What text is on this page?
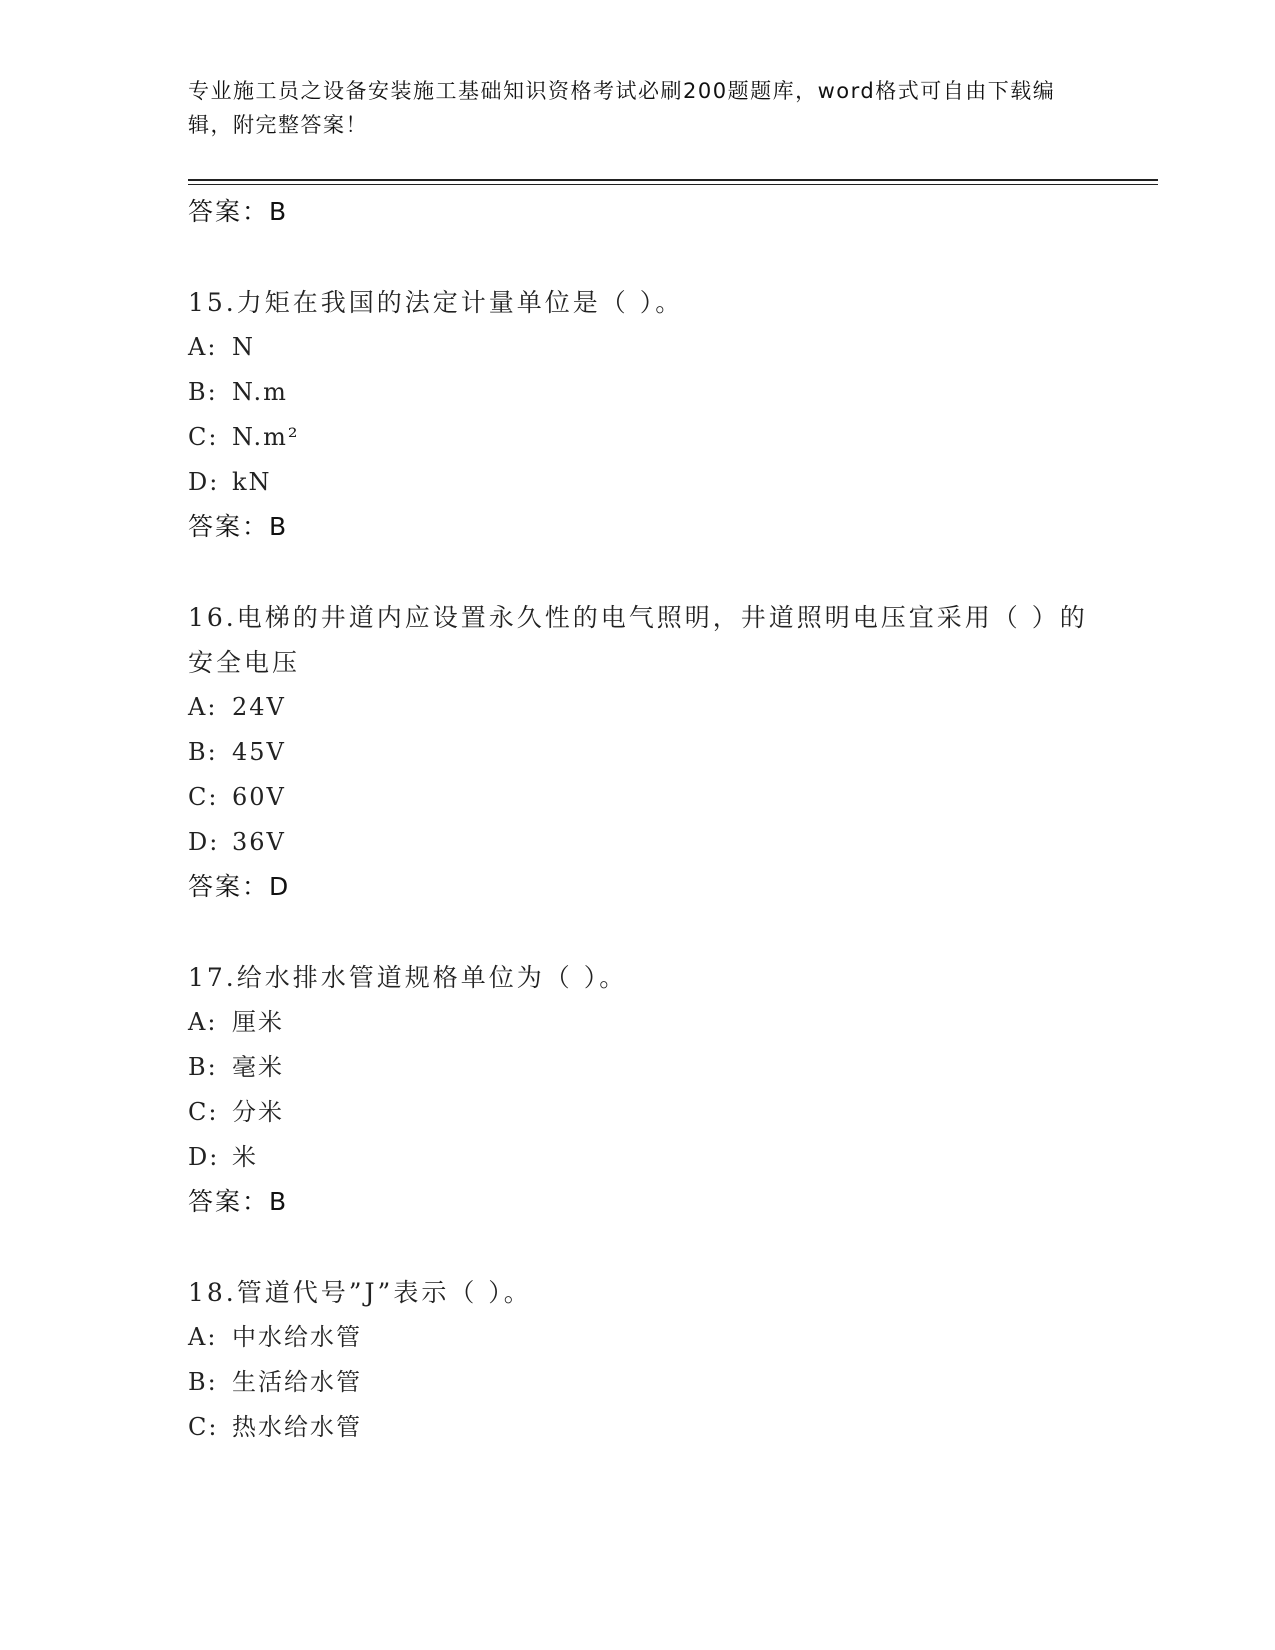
专业施工员之设备安装施工基础知识资格考试必刷200题题库，word格式可自由下载编辑，附完整答案！
答案：B
15.力矩在我国的法定计量单位是（ ）。
A: N
B: N.m
C: N.m²
D: kN
答案：B
16.电梯的井道内应设置永久性的电气照明，井道照明电压宜采用（ ）的安全电压
A: 24V
B: 45V
C: 60V
D: 36V
答案：D
17.给水排水管道规格单位为（ ）。
A: 厘米
B: 毫米
C: 分米
D: 米
答案：B
18.管道代号”J”表示（ ）。
A: 中水给水管
B: 生活给水管
C: 热水给水管
